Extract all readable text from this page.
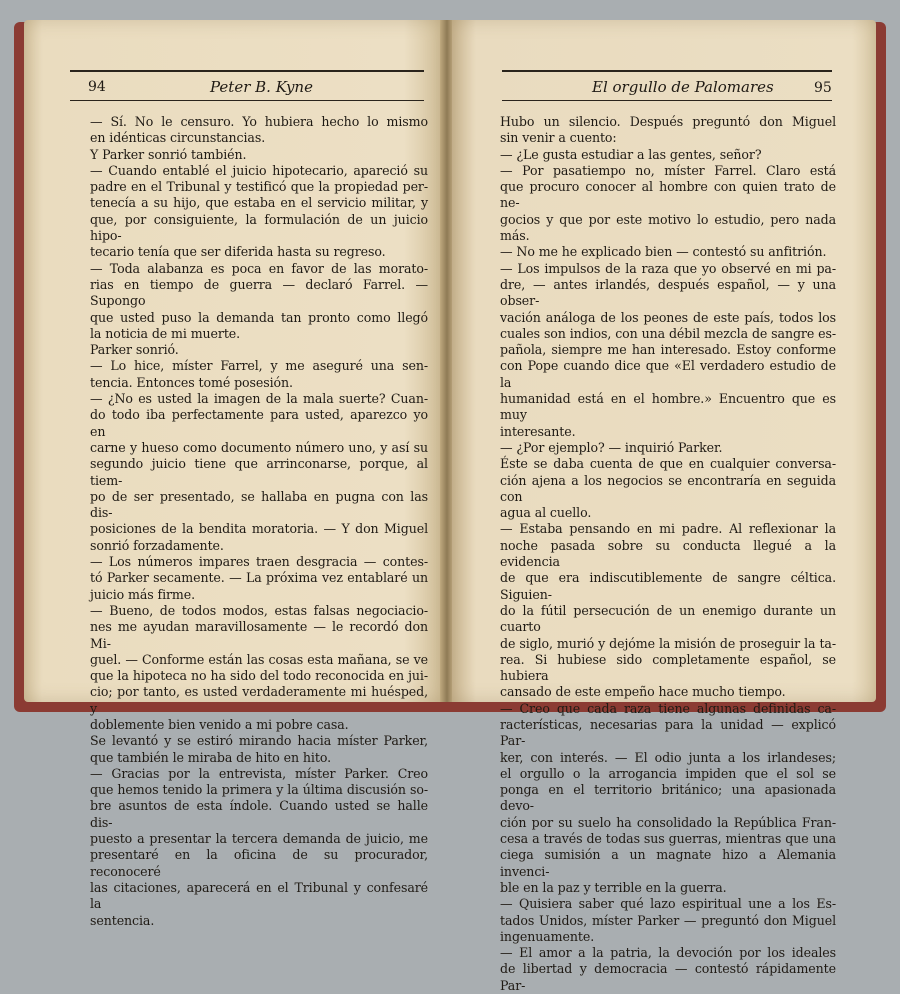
94	Peter B. Kyne

— Sí. No le censuro. Yo hubiera hecho lo mismo

en idénticas circunstancias.

Y Parker sonrió también.

— Cuando entablé el juicio hipotecario, apareció su

padre en el Tribunal y testificó que la propiedad per-

tenecía a su hijo, que estaba en el servicio militar, y

que, por consiguiente, la formulación de un juicio hipo-

tecario tenía que ser diferida hasta su regreso.

— Toda alabanza es poca en favor de las morato-

rias en tiempo de guerra — declaró Farrel. — Supongo

que usted puso la demanda tan pronto como llegó

la noticia de mi muerte.

Parker sonrió.

— Lo hice, míster Farrel, y me aseguré una sen-

tencia. Entonces tomé posesión.

— ¿No es usted la imagen de la mala suerte? Cuan-

do todo iba perfectamente para usted, aparezco yo en

carne y hueso como documento número uno, y así su

segundo juicio tiene que arrinconarse, porque, al tiem-

po de ser presentado, se hallaba en pugna con las dis-

posiciones de la bendita moratoria. — Y don Miguel

sonrió forzadamente.

— Los números impares traen desgracia — contes-

tó Parker secamente. — La próxima vez entablaré un

juicio más firme.

— Bueno, de todos modos, estas falsas negociacio-

nes me ayudan maravillosamente — le recordó don Mi-

guel. — Conforme están las cosas esta mañana, se ve

que la hipoteca no ha sido del todo reconocida en jui-

cio; por tanto, es usted verdaderamente mi huésped, y

doblemente bien venido a mi pobre casa.

Se levantó y se estiró mirando hacia míster Parker,

que también le miraba de hito en hito.

— Gracias por la entrevista, míster Parker. Creo

que hemos tenido la primera y la última discusión so-

bre asuntos de esta índole. Cuando usted se halle dis-

puesto a presentar la tercera demanda de juicio, me

presentaré en la oficina de su procurador, reconoceré

las citaciones, aparecerá en el Tribunal y confesaré la

sentencia.

El orgullo de Palomares	95

Hubo un silencio. Después preguntó don Miguel

sin venir a cuento:

— ¿Le gusta estudiar a las gentes, señor?

— Por pasatiempo no, míster Farrel. Claro está

que procuro conocer al hombre con quien trato de ne-

gocios y que por este motivo lo estudio, pero nada más.

— No me he explicado bien — contestó su anfitrión.

— Los impulsos de la raza que yo observé en mi pa-

dre, — antes irlandés, después español, — y una obser-

vación análoga de los peones de este país, todos los

cuales son indios, con una débil mezcla de sangre es-

pañola, siempre me han interesado. Estoy conforme

con Pope cuando dice que «El verdadero estudio de la

humanidad está en el hombre.» Encuentro que es muy

interesante.

— ¿Por ejemplo? — inquirió Parker.

Éste se daba cuenta de que en cualquier conversa-

ción ajena a los negocios se encontraría en seguida con

agua al cuello.

— Estaba pensando en mi padre. Al reflexionar la

noche pasada sobre su conducta llegué a la evidencia

de que era indiscutiblemente de sangre céltica. Siguien-

do la fútil persecución de un enemigo durante un cuarto

de siglo, murió y dejóme la misión de proseguir la ta-

rea. Si hubiese sido completamente español, se hubiera

cansado de este empeño hace mucho tiempo.

— Creo que cada raza tiene algunas definidas ca-

racterísticas, necesarias para la unidad — explicó Par-

ker, con interés. — El odio junta a los irlandeses;

el orgullo o la arrogancia impiden que el sol se

ponga en el territorio británico; una apasionada devo-

ción por su suelo ha consolidado la República Fran-

cesa a través de todas sus guerras, mientras que una

ciega sumisión a un magnate hizo a Alemania invenci-

ble en la paz y terrible en la guerra.

— Quisiera saber qué lazo espiritual une a los Es-

tados Unidos, míster Parker — preguntó don Miguel

ingenuamente.

— El amor a la patria, la devoción por los ideales

de libertad y democracia — contestó rápidamente Par-
